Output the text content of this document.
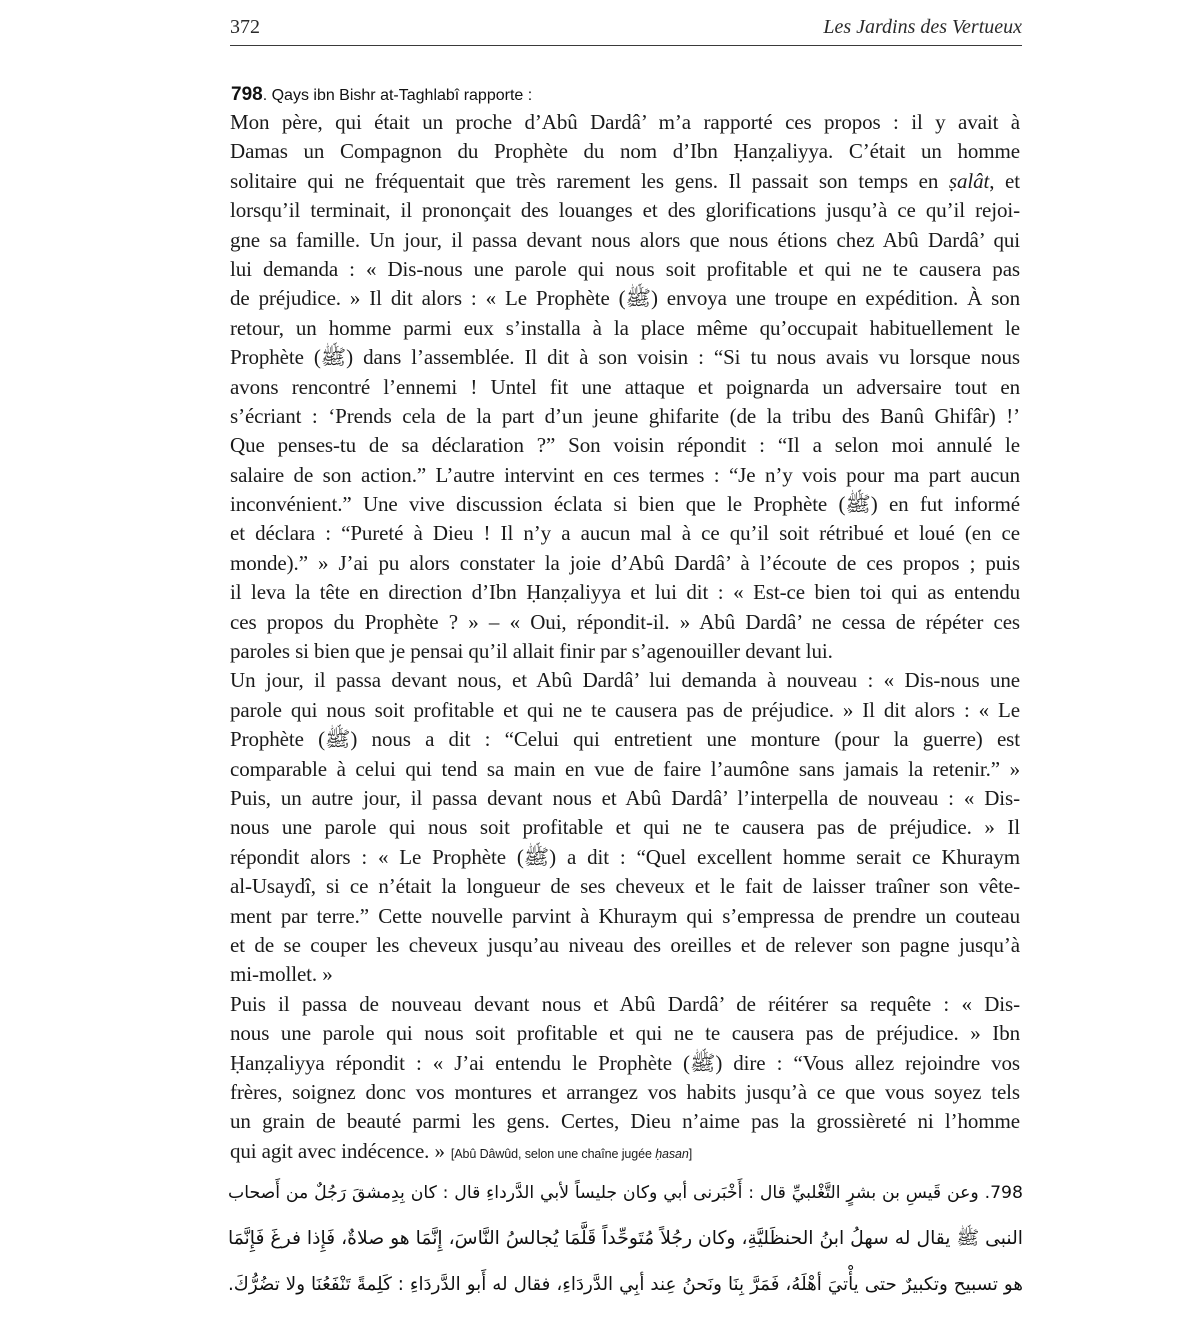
372	Les Jardins des Vertueux
798. Qays ibn Bishr at-Taghlabî rapporte :
Mon père, qui était un proche d’Abû Dardâ’ m’a rapporté ces propos : il y avait à
Damas un Compagnon du Prophète du nom d’Ibn Ḥanẓaliyya. C’était un homme
solitaire qui ne fréquentait que très rarement les gens. Il passait son temps en ṣalât, et
lorsqu’il terminait, il prononçait des louanges et des glorifications jusqu’à ce qu’il rejoi-
gne sa famille. Un jour, il passa devant nous alors que nous étions chez Abû Dardâ’ qui
lui demanda : « Dis-nous une parole qui nous soit profitable et qui ne te causera pas
de préjudice. » Il dit alors : « Le Prophète (ﷺ) envoya une troupe en expédition. À son
retour, un homme parmi eux s’installa à la place même qu’occupait habituellement le
Prophète (ﷺ) dans l’assemblée. Il dit à son voisin : “Si tu nous avais vu lorsque nous
avons rencontré l’ennemi ! Untel fit une attaque et poignarda un adversaire tout en
s’écriant : ‘Prends cela de la part d’un jeune ghifarite (de la tribu des Banû Ghifâr) !’
Que penses-tu de sa déclaration ?” Son voisin répondit : “Il a selon moi annulé le
salaire de son action.” L’autre intervint en ces termes : “Je n’y vois pour ma part aucun
inconvénient.” Une vive discussion éclata si bien que le Prophète (ﷺ) en fut informé
et déclara : “Pureté à Dieu ! Il n’y a aucun mal à ce qu’il soit rétribué et loué (en ce
monde).” » J’ai pu alors constater la joie d’Abû Dardâ’ à l’écoute de ces propos ; puis
il leva la tête en direction d’Ibn Ḥanẓaliyya et lui dit : « Est-ce bien toi qui as entendu
ces propos du Prophète ? » – « Oui, répondit-il. » Abû Dardâ’ ne cessa de répéter ces
paroles si bien que je pensai qu’il allait finir par s’agenouiller devant lui.
Un jour, il passa devant nous, et Abû Dardâ’ lui demanda à nouveau : « Dis-nous une
parole qui nous soit profitable et qui ne te causera pas de préjudice. » Il dit alors : « Le
Prophète (ﷺ) nous a dit : “Celui qui entretient une monture (pour la guerre) est
comparable à celui qui tend sa main en vue de faire l’aumône sans jamais la retenir.” »
Puis, un autre jour, il passa devant nous et Abû Dardâ’ l’interpella de nouveau : « Dis-
nous une parole qui nous soit profitable et qui ne te causera pas de préjudice. » Il
répondit alors : « Le Prophète (ﷺ) a dit : “Quel excellent homme serait ce Khuraym
al-Usaydî, si ce n’était la longueur de ses cheveux et le fait de laisser traîner son vête-
ment par terre.” Cette nouvelle parvint à Khuraym qui s’empressa de prendre un couteau
et de se couper les cheveux jusqu’au niveau des oreilles et de relever son pagne jusqu’à
mi-mollet. »
Puis il passa de nouveau devant nous et Abû Dardâ’ de réitérer sa requête : « Dis-
nous une parole qui nous soit profitable et qui ne te causera pas de préjudice. » Ibn
Ḥanẓaliyya répondit : « J’ai entendu le Prophète (ﷺ) dire : “Vous allez rejoindre vos
frères, soignez donc vos montures et arrangez vos habits jusqu’à ce que vous soyez tels
un grain de beauté parmi les gens. Certes, Dieu n’aime pas la grossièreté ni l’homme
qui agit avec indécence. » [Abû Dâwûd, selon une chaîne jugée ḥasan]
798. وعن قَيسِ بن بشرٍ التَّغْلبيِّ قال : أَخْبَرنى أبي وكان جليساً لأبي الدَّرداءِ قال : كان بِدِمشقَ رَجُلٌ من أَصحاب
النبى ﷺ يقال له سهلُ ابنُ الحنظَليَّةِ، وكان رجُلاً مُتَوحِّداً قَلَّمَا يُجالسُ النَّاسَ، إِنَّمَا هو صلاةٌ، فَإِذا فرغَ فَإِنَّمَا
هو تسبيح وتكبيرٌ حتى يأْتيَ أهْلَهُ، فَمَرَّ بِنَا ونَحنُ عِند أبِي الدَّردَاءِ، فقال له أَبو الدَّردَاءِ : كَلِمةً تَنْفَعُنَا ولا تضُرُّكَ.
